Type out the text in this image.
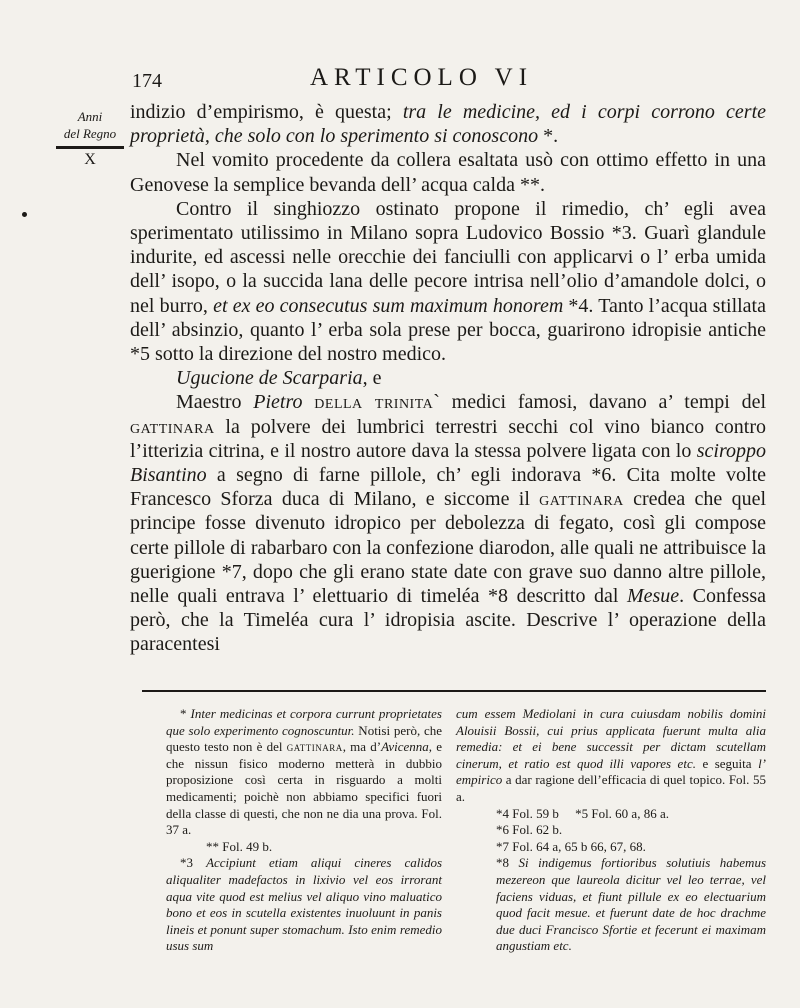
174	ARTICOLO VI
Anni
del Regno
X

indizio d’empirismo, è questa; tra le medicine, ed i corpi corrono certe proprietà, che solo con lo sperimento si conoscono *.

Nel vomito procedente da collera esaltata usò con ottimo effetto in una Genovese la semplice bevanda dell’ acqua calda **.

Contro il singhiozzo ostinato propone il rimedio, ch’ egli avea sperimentato utilissimo in Milano sopra Ludovico Bossio *3. Guarì glandule indurite, ed ascessi nelle orecchie dei fanciulli con applicarvi o l’ erba umida dell’ isopo, o la succida lana delle pecore intrisa nell’olio d’amandole dolci, o nel burro, et ex eo consecutus sum maximum honorem *4. Tanto l’acqua stillata dell’ absinzio, quanto l’ erba sola prese per bocca, guarirono idropisie antiche *5 sotto la direzione del nostro medico.

Ugucione de Scarparia, e

Maestro Pietro della trinita` medici famosi, davano a’ tempi del gattinara la polvere dei lumbrici terrestri secchi col vino bianco contro l’itterizia citrina, e il nostro autore dava la stessa polvere ligata con lo sciroppo Bisantino a segno di farne pillole, ch’ egli indorava *6. Cita molte volte Francesco Sforza duca di Milano, e siccome il gattinara credea che quel principe fosse divenuto idropico per debolezza di fegato, così gli compose certe pillole di rabarbaro con la confezione diarodon, alle quali ne attribuisce la guerigione *7, dopo che gli erano state date con grave suo danno altre pillole, nelle quali entrava l’ elettuario di timeléa *8 descritto dal Mesue. Confessa però, che la Timeléa cura l’ idropisia ascite. Descrive l’ operazione della paracentesi

* Inter medicinas et corpora currunt proprietates que solo experimento cognoscuntur. Notisi però, che questo testo non è del gattinara, ma d’Avicenna, e che nissun fisico moderno metterà in dubbio proposizione così certa in risguardo a molti medicamenti; poichè non abbiamo specifici fuori della classe di questi, che non ne dia una prova. Fol. 37 a.

** Fol. 49 b.

*3 Accipiunt etiam aliqui cineres calidos aliqualiter madefactos in lixivio vel eos irrorant aqua vite quod est melius vel aliquo vino maluatico bono et eos in scutella existentes inuoluunt in panis lineis et ponunt super stomachum. Isto enim remedio usus sum

cum essem Mediolani in cura cuiusdam nobilis domini Alouisii Bossii, cui prius applicata fuerunt multa alia remedia: et ei bene successit per dictam scutellam cinerum, et ratio est quod illi vapores etc. e seguita l’ empirico a dar ragione dell’efficacia di quel topico. Fol. 55 a.

*4 Fol. 59 b     *5 Fol. 60 a, 86 a.

*6 Fol. 62 b.

*7 Fol. 64 a, 65 b 66, 67, 68.

*8 Si indigemus fortioribus solutiuis habemus mezereon que laureola dicitur vel leo terrae, vel faciens viduas, et fiunt pillule ex eo electuarium quod facit mesue. et fuerunt date de hoc drachme due duci Francisco Sfortie et fecerunt ei maximam angustiam etc.
